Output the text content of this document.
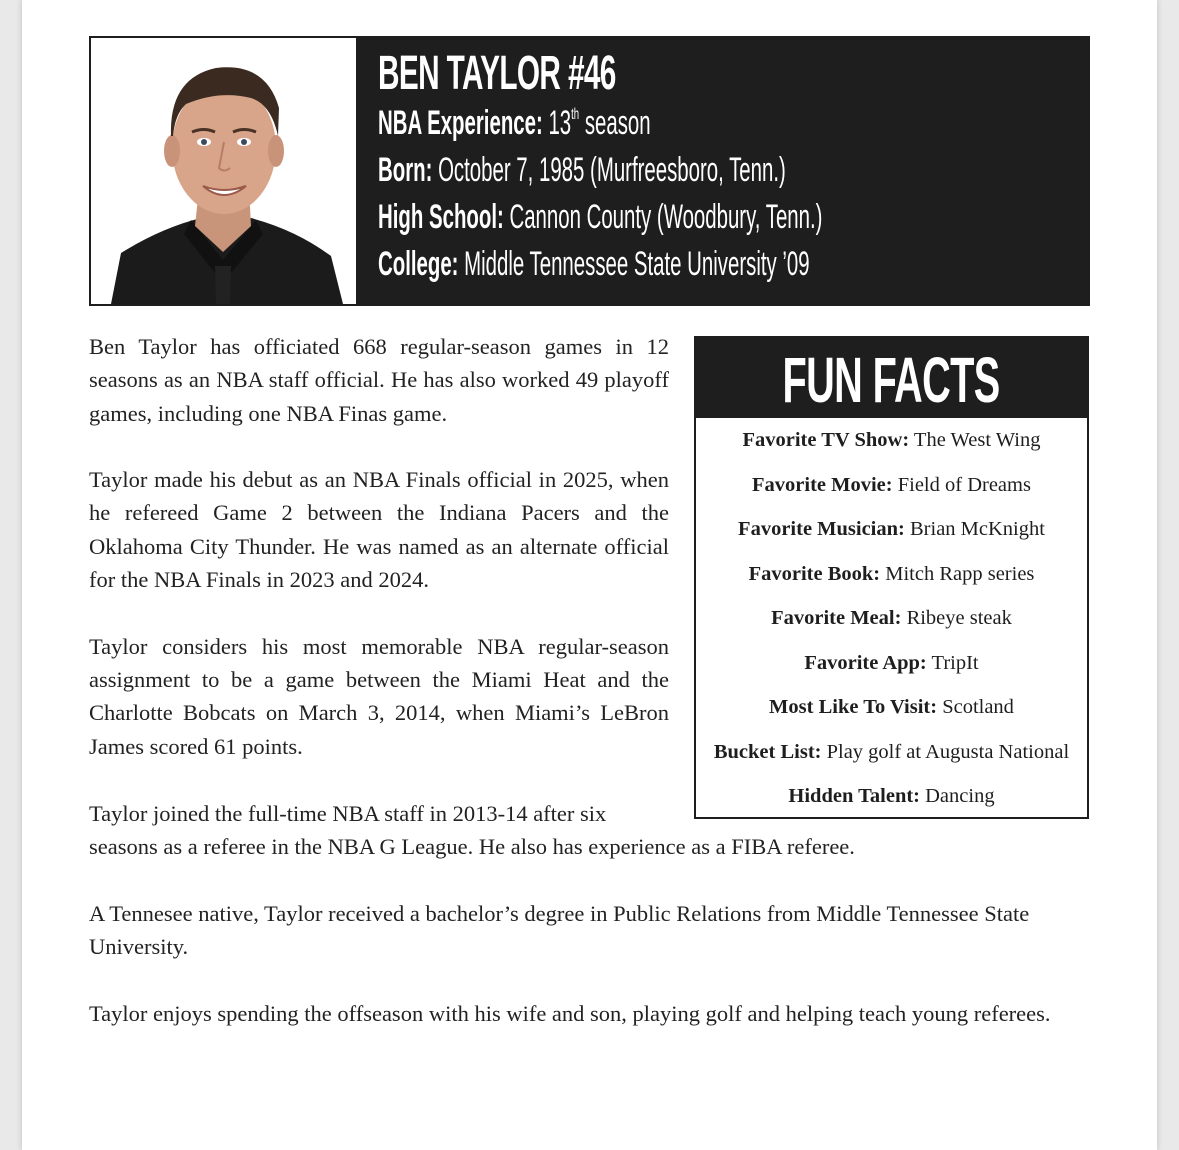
BEN TAYLOR #46
NBA Experience: 13th season
Born: October 7, 1985 (Murfreesboro, Tenn.)
High School: Cannon County (Woodbury, Tenn.)
College: Middle Tennessee State University ’09

Ben Taylor has officiated 668 regular-season games in 12 seasons as an NBA staff official. He has also worked 49 playoff games, including one NBA Finas game.

Taylor made his debut as an NBA Finals official in 2025, when he refereed Game 2 between the Indiana Pacers and the Oklahoma City Thunder. He was named as an alternate official for the NBA Finals in 2023 and 2024.

Taylor considers his most memorable NBA regular-season assignment to be a game between the Miami Heat and the Charlotte Bobcats on March 3, 2014, when Miami’s LeBron James scored 61 points.

Taylor joined the full-time NBA staff in 2013-14 after six
seasons as a referee in the NBA G League. He also has experience as a FIBA referee.
A Tennesee native, Taylor received a bachelor’s degree in Public Relations from Middle Tennessee State University.
Taylor enjoys spending the offseason with his wife and son, playing golf and helping teach young referees.
FUN FACTS
Favorite TV Show: The West Wing
Favorite Movie: Field of Dreams
Favorite Musician: Brian McKnight
Favorite Book: Mitch Rapp series
Favorite Meal: Ribeye steak
Favorite App: TripIt
Most Like To Visit: Scotland
Bucket List: Play golf at Augusta National
Hidden Talent: Dancing
